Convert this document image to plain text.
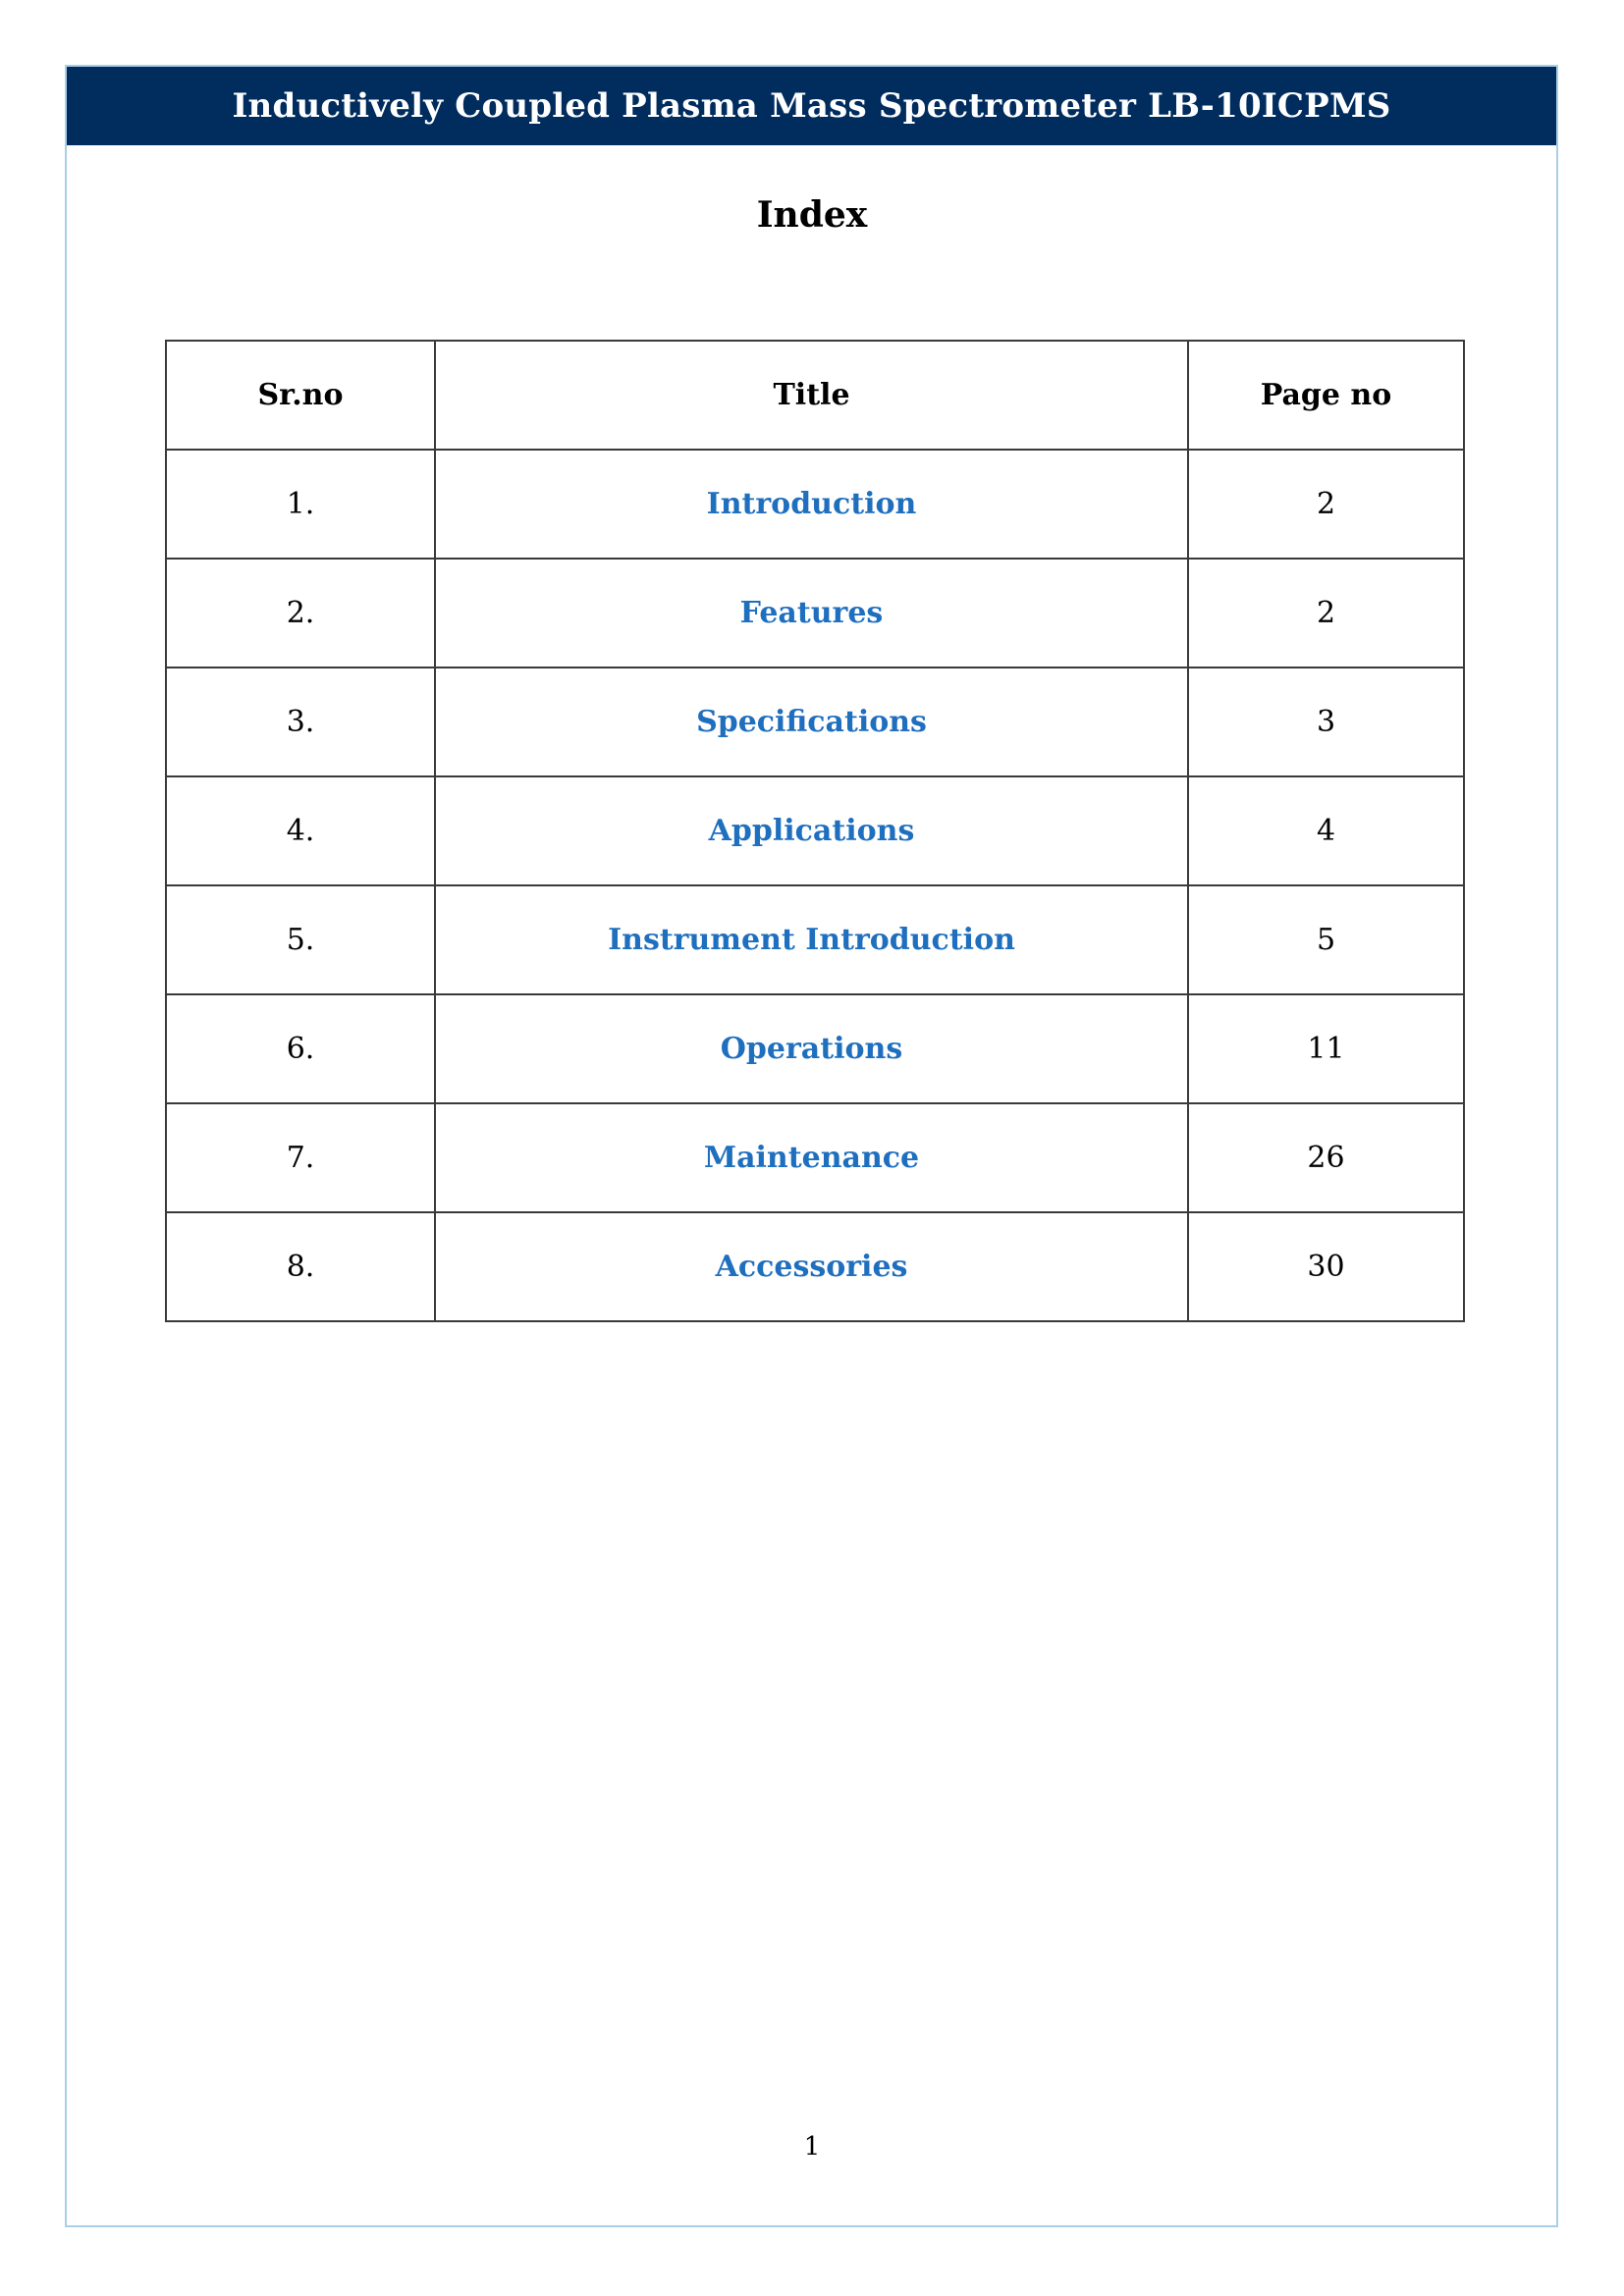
Inductively Coupled Plasma Mass Spectrometer LB-10ICPMS
Index
Sr.no	Title	Page no
1.	Introduction	2
2.	Features	2
3.	Specifications	3
4.	Applications	4
5.	Instrument Introduction	5
6.	Operations	11
7.	Maintenance	26
8.	Accessories	30
1
